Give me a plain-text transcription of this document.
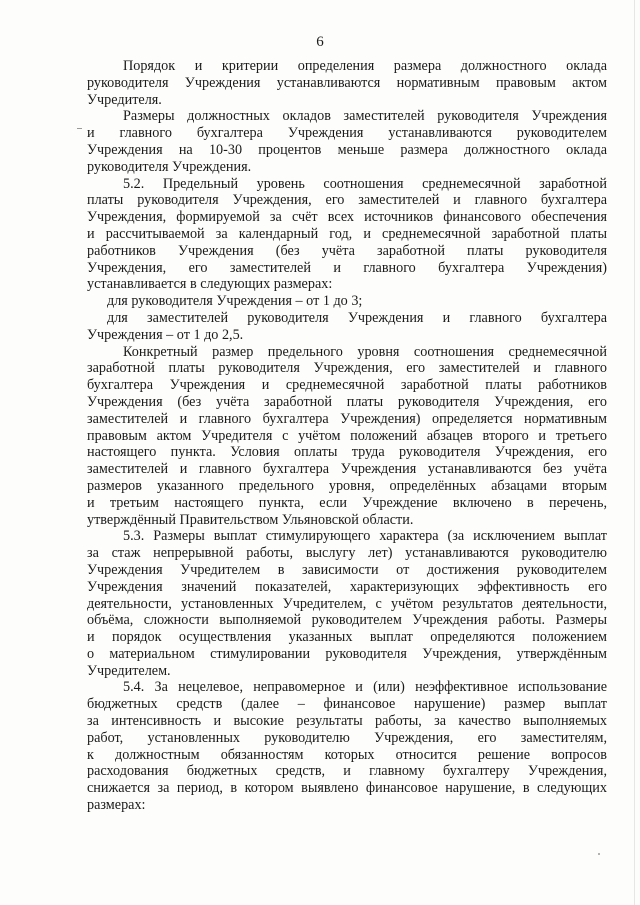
6
Порядок и критерии определения размера должностного оклада
руководителя Учреждения устанавливаются нормативным правовым актом
Учредителя.
Размеры должностных окладов заместителей руководителя Учреждения
и главного бухгалтера Учреждения устанавливаются руководителем
Учреждения на 10-30 процентов меньше размера должностного оклада
руководителя Учреждения.
5.2. Предельный уровень соотношения среднемесячной заработной
платы руководителя Учреждения, его заместителей и главного бухгалтера
Учреждения, формируемой за счёт всех источников финансового обеспечения
и рассчитываемой за календарный год, и среднемесячной заработной платы
работников Учреждения (без учёта заработной платы руководителя
Учреждения, его заместителей и главного бухгалтера Учреждения)
устанавливается в следующих размерах:
для руководителя Учреждения – от 1 до 3;
для заместителей руководителя Учреждения и главного бухгалтера
Учреждения – от 1 до 2,5.
Конкретный размер предельного уровня соотношения среднемесячной
заработной платы руководителя Учреждения, его заместителей и главного
бухгалтера Учреждения и среднемесячной заработной платы работников
Учреждения (без учёта заработной платы руководителя Учреждения, его
заместителей и главного бухгалтера Учреждения) определяется нормативным
правовым актом Учредителя с учётом положений абзацев второго и третьего
настоящего пункта. Условия оплаты труда руководителя Учреждения, его
заместителей и главного бухгалтера Учреждения устанавливаются без учёта
размеров указанного предельного уровня, определённых абзацами вторым
и третьим настоящего пункта, если Учреждение включено в перечень,
утверждённый Правительством Ульяновской области.
5.3. Размеры выплат стимулирующего характера (за исключением выплат
за стаж непрерывной работы, выслугу лет) устанавливаются руководителю
Учреждения Учредителем в зависимости от достижения руководителем
Учреждения значений показателей, характеризующих эффективность его
деятельности, установленных Учредителем, с учётом результатов деятельности,
объёма, сложности выполняемой руководителем Учреждения работы. Размеры
и порядок осуществления указанных выплат определяются положением
о материальном стимулировании руководителя Учреждения, утверждённым
Учредителем.
5.4. За нецелевое, неправомерное и (или) неэффективное использование
бюджетных средств (далее – финансовое нарушение) размер выплат
за интенсивность и высокие результаты работы, за качество выполняемых
работ, установленных руководителю Учреждения, его заместителям,
к должностным обязанностям которых относится решение вопросов
расходования бюджетных средств, и главному бухгалтеру Учреждения,
снижается за период, в котором выявлено финансовое нарушение, в следующих
размерах:
